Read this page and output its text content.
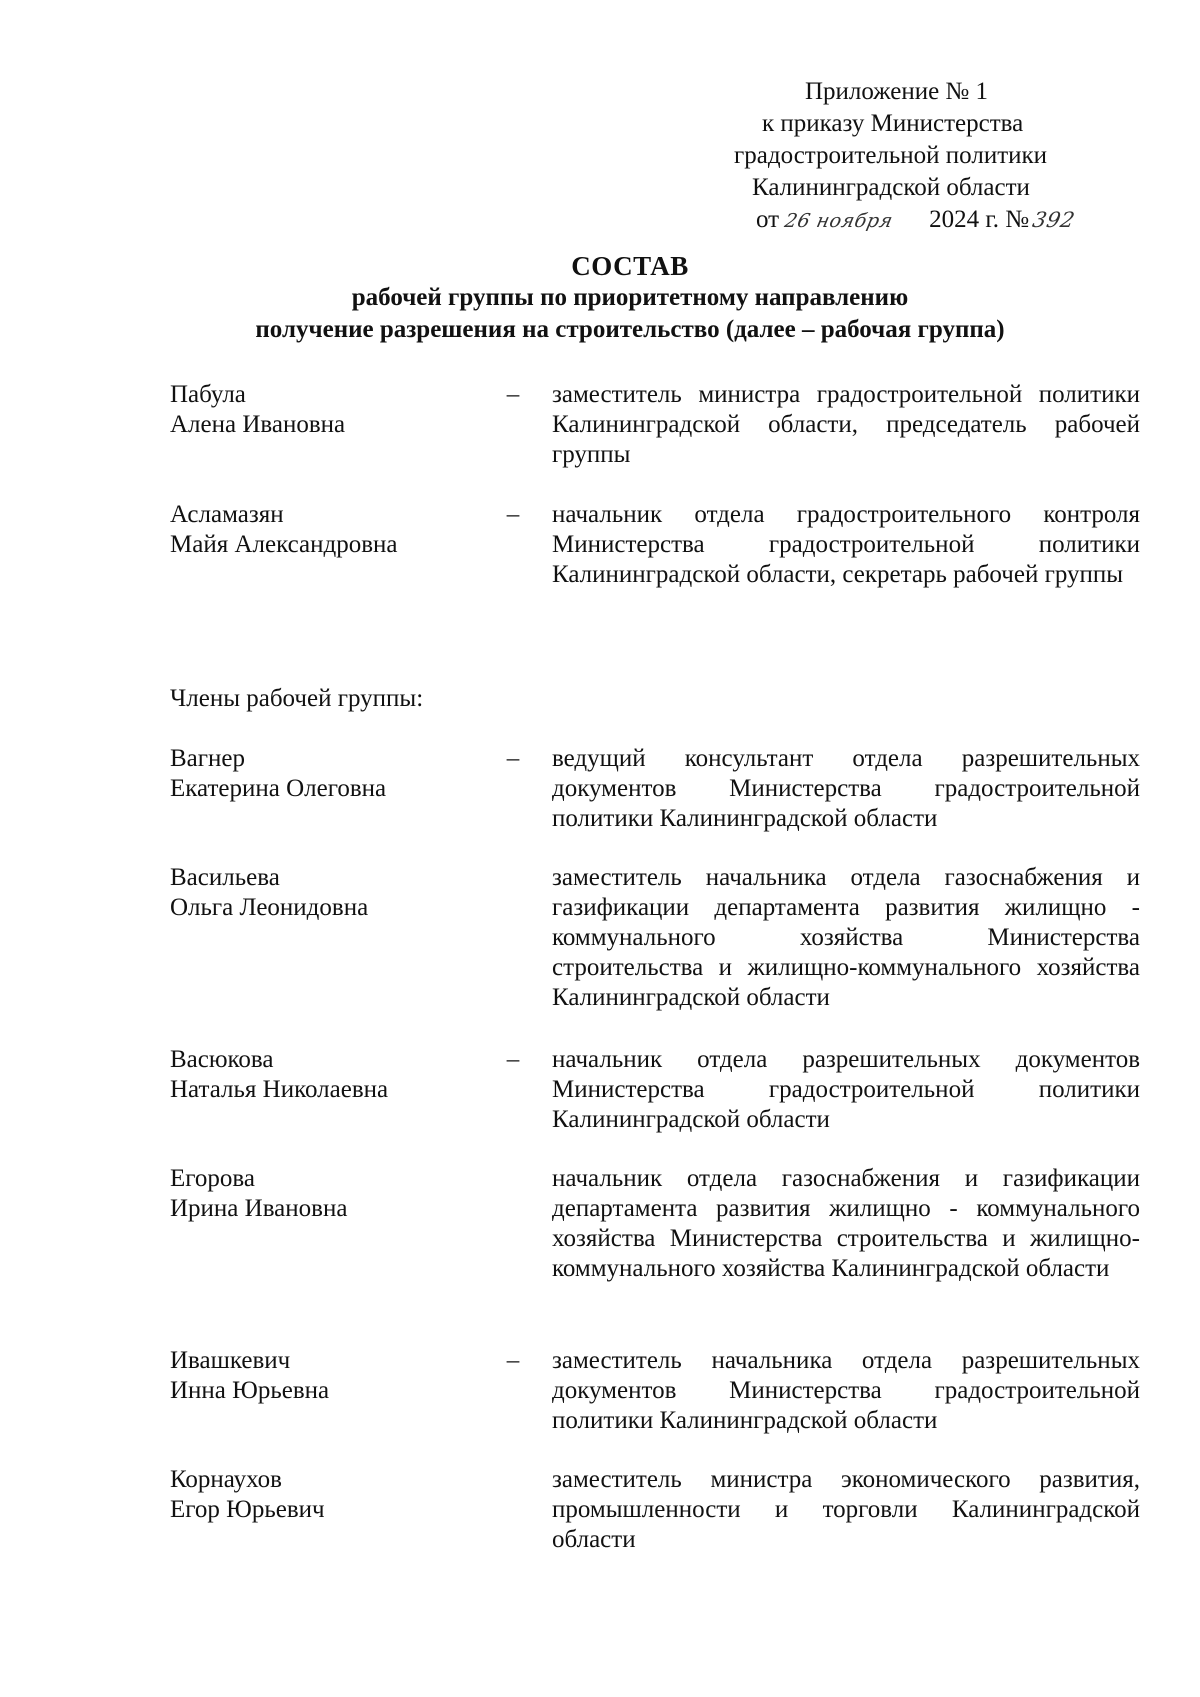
Приложение № 1
к приказу Министерства
градостроительной политики
Калининградской области
от 26 ноября 2024 г. №392
СОСТАВ
рабочей группы по приоритетному направлению
получение разрешения на строительство (далее – рабочая группа)
Пабула
Алена Ивановна
– заместитель министра градостроительной политики Калининградской области, председатель рабочей группы
Асламазян
Майя Александровна
– начальник отдела градостроительного контроля Министерства градостроительной политики Калининградской области, секретарь рабочей группы
Члены рабочей группы:
Вагнер
Екатерина Олеговна
– ведущий консультант отдела разрешительных документов Министерства градостроительной политики Калининградской области
Васильева
Ольга Леонидовна
заместитель начальника отдела газоснабжения и газификации департамента развития жилищно - коммунального хозяйства Министерства строительства и жилищно-коммунального хозяйства Калининградской области
Васюкова
Наталья Николаевна
– начальник отдела разрешительных документов Министерства градостроительной политики Калининградской области
Егорова
Ирина Ивановна
начальник отдела газоснабжения и газификации департамента развития жилищно - коммунального хозяйства Министерства строительства и жилищно-коммунального хозяйства Калининградской области
Ивашкевич
Инна Юрьевна
– заместитель начальника отдела разрешительных документов Министерства градостроительной политики Калининградской области
Корнаухов
Егор Юрьевич
заместитель министра экономического развития, промышленности и торговли Калининградской области
